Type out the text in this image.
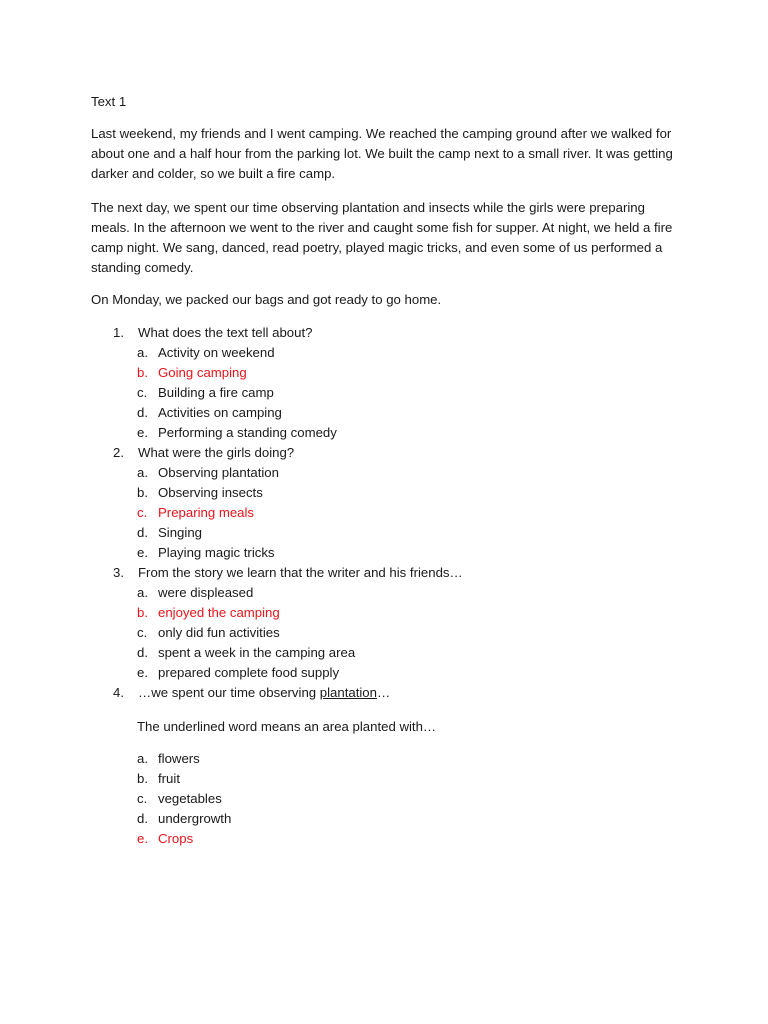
Text 1

Last weekend, my friends and I went camping. We reached the camping ground after we walked for about one and a half hour from the parking lot. We built the camp next to a small river. It was getting darker and colder, so we built a fire camp.

The next day, we spent our time observing plantation and insects while the girls were preparing meals. In the afternoon we went to the river and caught some fish for supper. At night, we held a fire camp night. We sang, danced, read poetry, played magic tricks, and even some of us performed a standing comedy.

On Monday, we packed our bags and got ready to go home.

1. What does the text tell about?
a. Activity on weekend
b. Going camping
c. Building a fire camp
d. Activities on camping
e. Performing a standing comedy
2. What were the girls doing?
a. Observing plantation
b. Observing insects
c. Preparing meals
d. Singing
e. Playing magic tricks
3. From the story we learn that the writer and his friends…
a. were displeased
b. enjoyed the camping
c. only did fun activities
d. spent a week in the camping area
e. prepared complete food supply
4. …we spent our time observing plantation…
The underlined word means an area planted with…
a. flowers
b. fruit
c. vegetables
d. undergrowth
e. Crops
